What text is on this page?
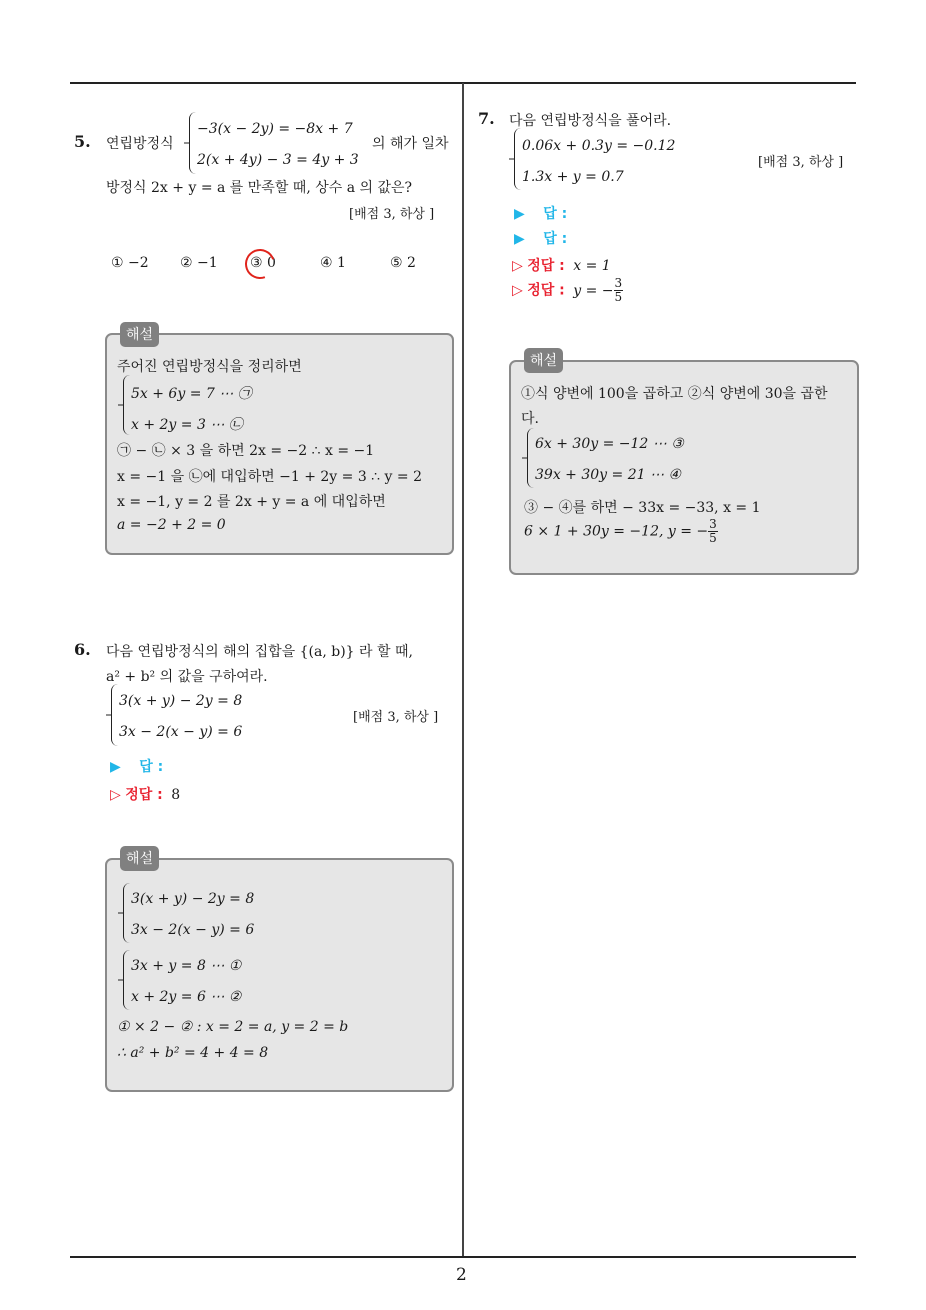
2
5. 연립방정식
−3(x − 2y) = −8x + 7
2(x + 4y) − 3 = 4y + 3
의 해가 일차
방정식 2x + y = a 를 만족할 때, 상수 a 의 값은?
[배점 3, 하상 ]
① −2 ② −1 ③ 0	④ 1	⑤ 2
해설
주어진 연립방정식을 정리하면
5x + 6y = 7 ⋯ ㉠
x + 2y = 3 ⋯ ㉡
㉠ − ㉡ × 3 을 하면 2x = −2 ∴ x = −1
x = −1 을 ㉡에 대입하면 −1 + 2y = 3 ∴ y = 2
x = −1, y = 2 를 2x + y = a 에 대입하면
a = −2 + 2 = 0
6. 다음 연립방정식의 해의 집합을 {(a, b)} 라 할 때,
a² + b² 의 값을 구하여라.
3(x + y) − 2y = 8
3x − 2(x − y) = 6
[배점 3, 하상 ]
▶ 답 :
▷ 정답 : 8
해설
3(x + y) − 2y = 8
3x − 2(x − y) = 6
3x + y = 8 ⋯ ①
x + 2y = 6 ⋯ ②
① × 2 − ② : x = 2 = a, y = 2 = b
∴ a² + b² = 4 + 4 = 8
7. 다음 연립방정식을 풀어라.
0.06x + 0.3y = −0.12
1.3x + y = 0.7
[배점 3, 하상 ]
▶ 답 :
▶ 답 :
▷ 정답 : x = 1
▷ 정답 : y = − $\frac{3}{5}$
해설
①식 양변에 100을 곱하고 ②식 양변에 30을 곱한
다.
6x + 30y = −12 ⋯ ③
39x + 30y = 21 ⋯ ④
③ − ④를 하면 − 33x = −33, x = 1
6 × 1 + 30y = −12, y = − $\frac{3}{5}$
